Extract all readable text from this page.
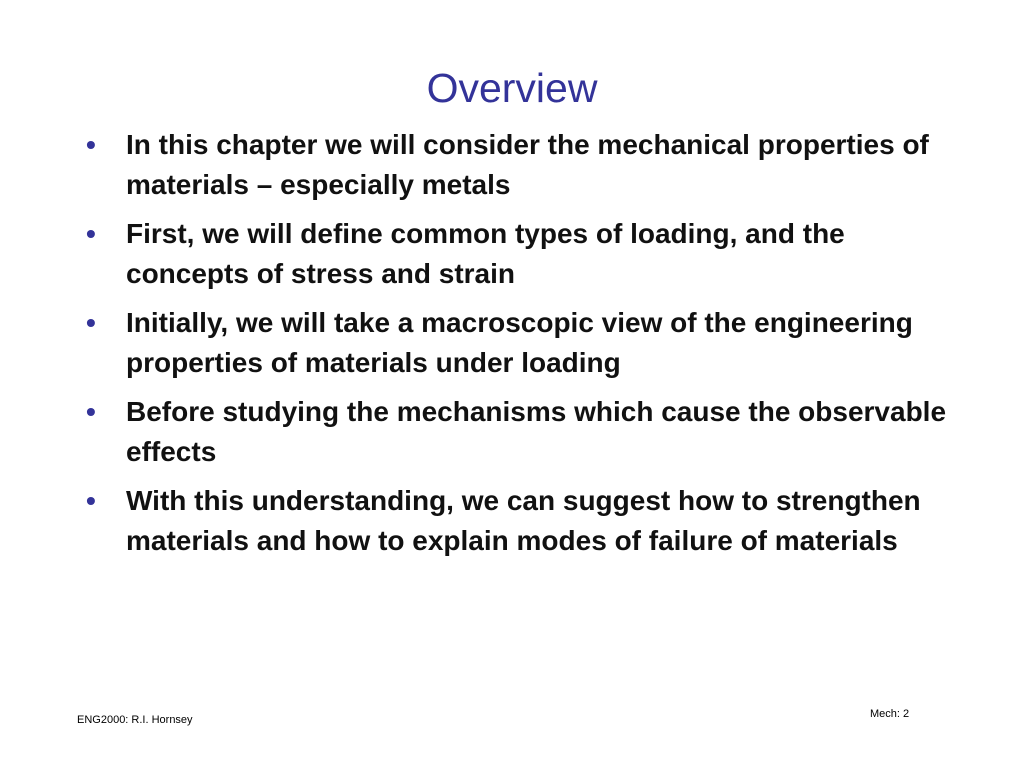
Overview
•	In this chapter we will consider the mechanical properties of materials – especially metals
•	First, we will define common types of loading, and the concepts of stress and strain
•	Initially, we will take a macroscopic view of the engineering properties of materials under loading
•	Before studying the mechanisms which cause the observable effects
•	With this understanding, we can suggest how to strengthen materials and how to explain modes of failure of materials
ENG2000: R.I. Hornsey	Mech: 2
